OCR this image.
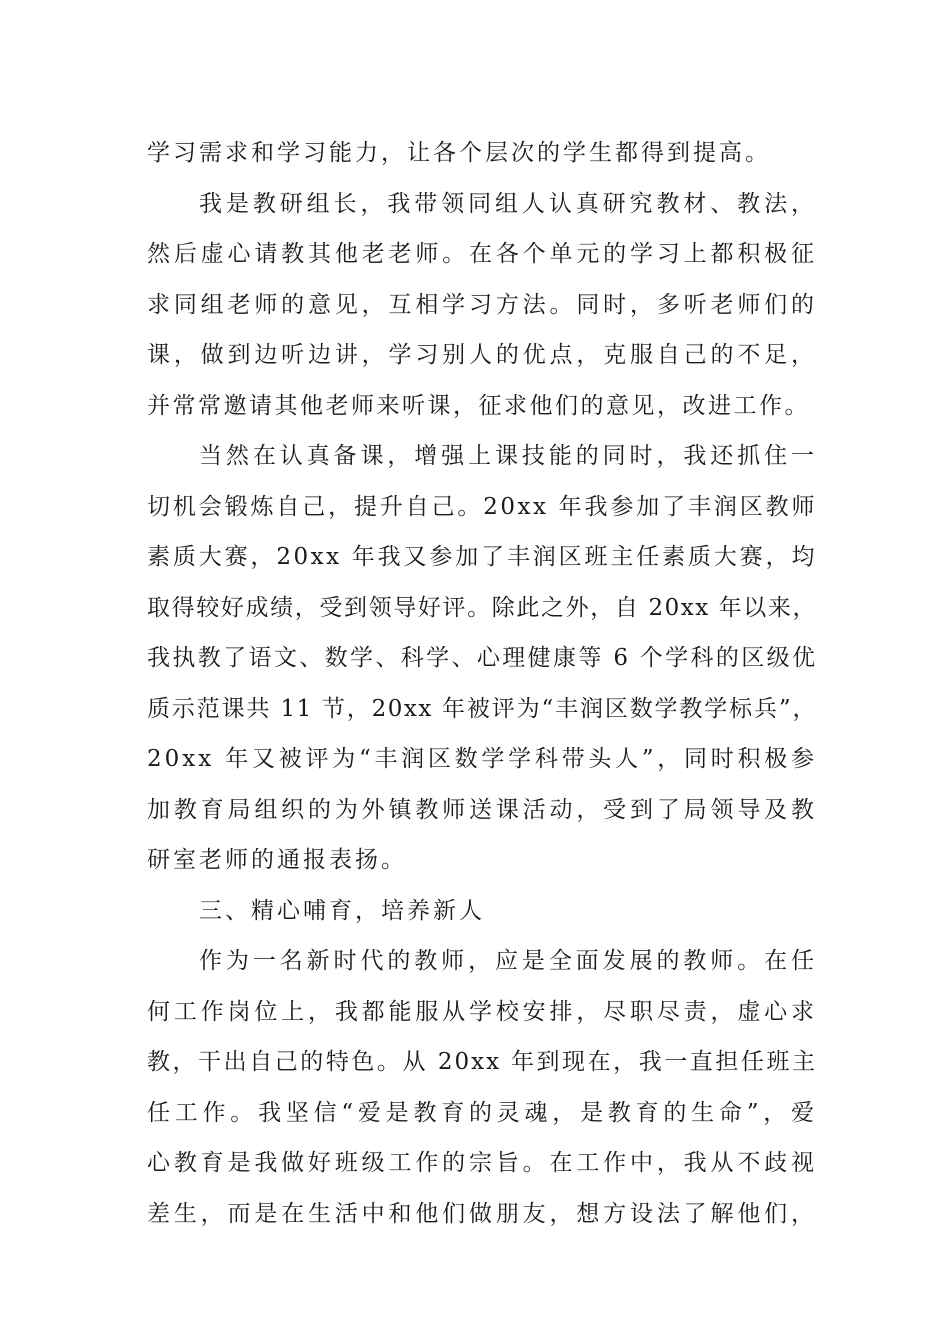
学习需求和学习能力，让各个层次的学生都得到提高。
我是教研组长，我带领同组人认真研究教材、教法，
然后虚心请教其他老老师。在各个单元的学习上都积极征
求同组老师的意见，互相学习方法。同时，多听老师们的
课，做到边听边讲，学习别人的优点，克服自己的不足，
并常常邀请其他老师来听课，征求他们的意见，改进工作。
当然在认真备课，增强上课技能的同时，我还抓住一
切机会锻炼自己，提升自己。20xx 年我参加了丰润区教师
素质大赛，20xx 年我又参加了丰润区班主任素质大赛，均
取得较好成绩，受到领导好评。除此之外，自 20xx 年以来，
我执教了语文、数学、科学、心理健康等 6 个学科的区级优
质示范课共 11 节，20xx 年被评为“丰润区数学教学标兵”，
20xx 年又被评为“丰润区数学学科带头人”，同时积极参
加教育局组织的为外镇教师送课活动，受到了局领导及教
研室老师的通报表扬。
三、精心哺育，培养新人
作为一名新时代的教师，应是全面发展的教师。在任
何工作岗位上，我都能服从学校安排，尽职尽责，虚心求
教，干出自己的特色。从 20xx 年到现在，我一直担任班主
任工作。我坚信“爱是教育的灵魂，是教育的生命”，爱
心教育是我做好班级工作的宗旨。在工作中，我从不歧视
差生，而是在生活中和他们做朋友，想方设法了解他们，
